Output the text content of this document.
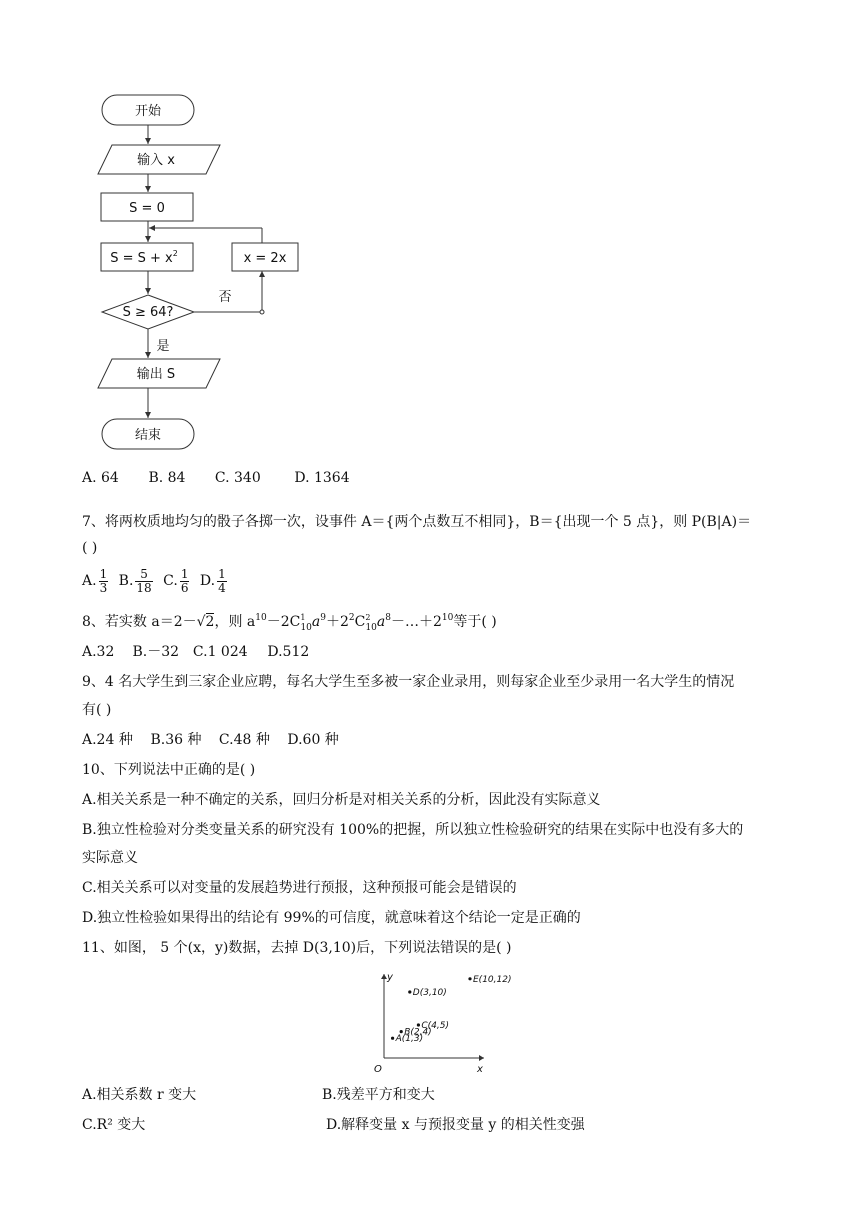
开始
输入 x
S = 0
$S = S + x^2$	x = 2x
S ≥ 64?
否
是
输出 S
结束
A. 64 B. 84 C. 340 D. 1364
7、将两枚质地均匀的骰子各掷一次，设事件 A＝{两个点数互不相同}，B＝{出现一个 5 点}，则 P(B|A)＝
( )
A. $\frac{1}{3} B$. $\frac{5}{18} C$. $\frac{1}{6} D$. $\frac{1}{4}$
8、若实数 a＝2－√2，则 $a^{10}-2C^1_{10}a^9+2^2C^2_{10}a^8-\dots+2^{10}$等于( )
A.32 B.－32 C.1 024 D.512
9、4 名大学生到三家企业应聘，每名大学生至多被一家企业录用，则每家企业至少录用一名大学生的情况
有( )
A.24 种 B.36 种 C.48 种 D.60 种
10、下列说法中正确的是( )
A.相关关系是一种不确定的关系，回归分析是对相关关系的分析，因此没有实际意义
B.独立性检验对分类变量关系的研究没有 100%的把握，所以独立性检验研究的结果在实际中也没有多大的
实际意义
C.相关关系可以对变量的发展趋势进行预报，这种预报可能会是错误的
D.独立性检验如果得出的结论有 99%的可信度，就意味着这个结论一定是正确的
11、如图， 5 个(x，y)数据，去掉 D(3,10)后，下列说法错误的是( )
x
y
O
A(1,3)
B(2,4)
C(4,5)
D(3,10)
E(10,12)
A.相关系数 r 变大	B.残差平方和变大
C.R² 变大	D.解释变量 x 与预报变量 y 的相关性变强
